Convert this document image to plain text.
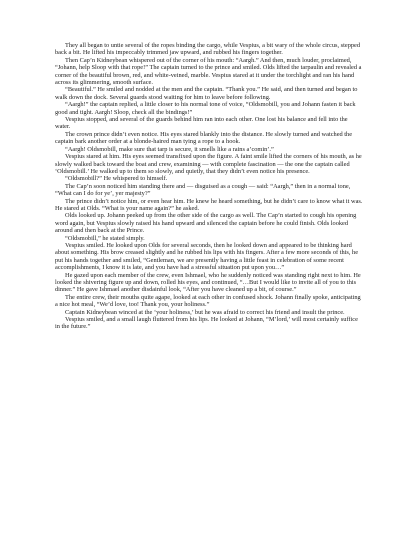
They all began to untie several of the ropes binding the cargo, while Vespius, a bit wary of the whole circus, stepped back a bit. He lifted his impeccably trimmed jaw upward, and rubbed his fingers together.

Then Cap’n Kidneybean whispered out of the corner of his mouth: “Aargh.” And then, much louder, proclaimed, “Johann, help Sloop with that rope!” The captain turned to the prince and smiled. Olds lifted the tarpaulin and revealed a corner of the beautiful brown, red, and white-veined, marble. Vespius stared at it under the torchlight and ran his hand across its glimmering, smooth surface.

“Beautiful.” He smiled and nodded at the men and the captain. “Thank you.” He said, and then turned and began to walk down the dock. Several guards stood waiting for him to leave before following.

“Aargh!” the captain replied, a little closer to his normal tone of voice, “Oldsmobill, you and Johann fasten it back good and tight. Aargh! Sloop, check all the bindings!”

Vespius stopped, and several of the guards behind him ran into each other. One lost his balance and fell into the water.

The crown prince didn’t even notice. His eyes stared blankly into the distance. He slowly turned and watched the captain bark another order at a blonde-haired man tying a rope to a hook.

“Aargh! Oldsmobill, make sure that tarp is secure, it smells like a rains a’comin’.”

Vespius stared at him. His eyes seemed transfixed upon the figure. A faint smile lifted the corners of his mouth, as he slowly walked back toward the boat and crew, examining — with complete fascination — the one the captain called ‘Oldsmobill.’ He walked up to them so slowly, and quietly, that they didn’t even notice his presence.

“Oldsmobill?” He whispered to himself.

The Cap’n soon noticed him standing there and — disguised as a cough — said: “Aargh,” then in a normal tone, “What can I do for ye’, yer majesty?”

The prince didn’t notice him, or even hear him. He knew he heard something, but he didn’t care to know what it was. He stared at Olds. “What is your name again?” he asked.

Olds looked up. Johann peeked up from the other side of the cargo as well. The Cap’n started to cough his opening word again, but Vespius slowly raised his hand upward and silenced the captain before he could finish. Olds looked around and then back at the Prince.

“Oldsmobill,” he stated simply.

Vespius smiled. He looked upon Olds for several seconds, then he looked down and appeared to be thinking hard about something. His brow creased slightly and he rubbed his lips with his fingers. After a few more seconds of this, he put his hands together and smiled, “Gentleman, we are presently having a little feast in celebration of some recent accomplishments, I know it is late, and you have had a stressful situation put upon you…”

He gazed upon each member of the crew, even Ishmael, who he suddenly noticed was standing right next to him. He looked the shivering figure up and down, rolled his eyes, and continued, “…But I would like to invite all of you to this dinner.” He gave Ishmael another disdainful look, “After you have cleaned up a bit, of course.”

The entire crew, their mouths quite agape, looked at each other in confused shock. Johann finally spoke, anticipating a nice hot meal, “We’d love, too! Thank you, your holiness.”

Captain Kidneybean winced at the ‘your holiness,’ but he was afraid to correct his friend and insult the prince.

Vespius smiled, and a small laugh fluttered from his lips. He looked at Johann, “M’lord,’ will most certainly suffice in the future.”
